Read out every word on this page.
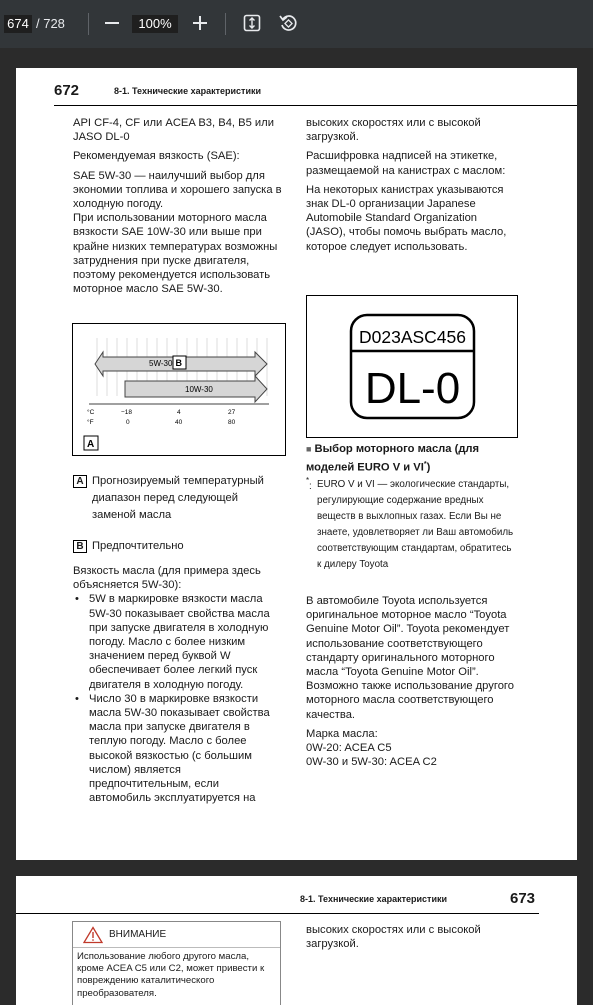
674 / 728	100%
672	8-1. Технические характеристики

API CF-4, CF или ACEA B3, B4, B5 или JASO DL-0

Рекомендуемая вязкость (SAE):

SAE 5W-30 — наилучший выбор для экономии топлива и хорошего запуска в холодную погоду.

При использовании моторного масла вязкости SAE 10W-30 или выше при крайне низких температурах возможны затруднения при пуске двигателя, поэтому рекомендуется использовать моторное масло SAE 5W-30.

5W-30 B
10W-30
°C
°F
−18	4	27
0	40	80
A
A Прогнозируемый температурный диапазон перед следующей заменой масла
B Предпочтительно

Вязкость масла (для примера здесь объясняется 5W-30):

• 5W в маркировке вязкости масла 5W-30 показывает свойства масла при запуске двигателя в холодную погоду. Масло с более низким значением перед буквой W обеспечивает более легкий пуск двигателя в холодную погоду.
• Число 30 в маркировке вязкости масла 5W-30 показывает свойства масла при запуске двигателя в теплую погоду. Масло с более высокой вязкостью (с большим числом) является предпочтительным, если автомобиль эксплуатируется на

высоких скоростях или с высокой загрузкой.

Расшифровка надписей на этикетке, размещаемой на канистрах с маслом:

На некоторых канистрах указываются знак DL-0 организации Japanese Automobile Standard Organization (JASO), чтобы помочь выбрать масло, которое следует использовать.

D023ASC456
DL-0
■ Выбор моторного масла (для моделей EURO V и VI*)
*
: EURO V и VI — экологические стандарты, регулирующие содержание вредных веществ в выхлопных газах. Если Вы не знаете, удовлетворяет ли Ваш автомобиль соответствующим стандартам, обратитесь к дилеру Toyota

В автомобиле Toyota используется оригинальное моторное масло “Toyota Genuine Motor Oil”. Toyota рекомендует использование соответствующего стандарту оригинального моторного масла “Toyota Genuine Motor Oil”. Возможно также использование другого моторного масла соответствующего качества.

Марка масла:

0W-20: ACEA C5

0W-30 и 5W-30: ACEA C2

8-1. Технические характеристики	673
ВНИМАНИЕ
Использование любого другого масла, кроме ACEA C5 или C2, может привести к повреждению каталитического преобразователя.
высоких скоростях или с высокой загрузкой.
